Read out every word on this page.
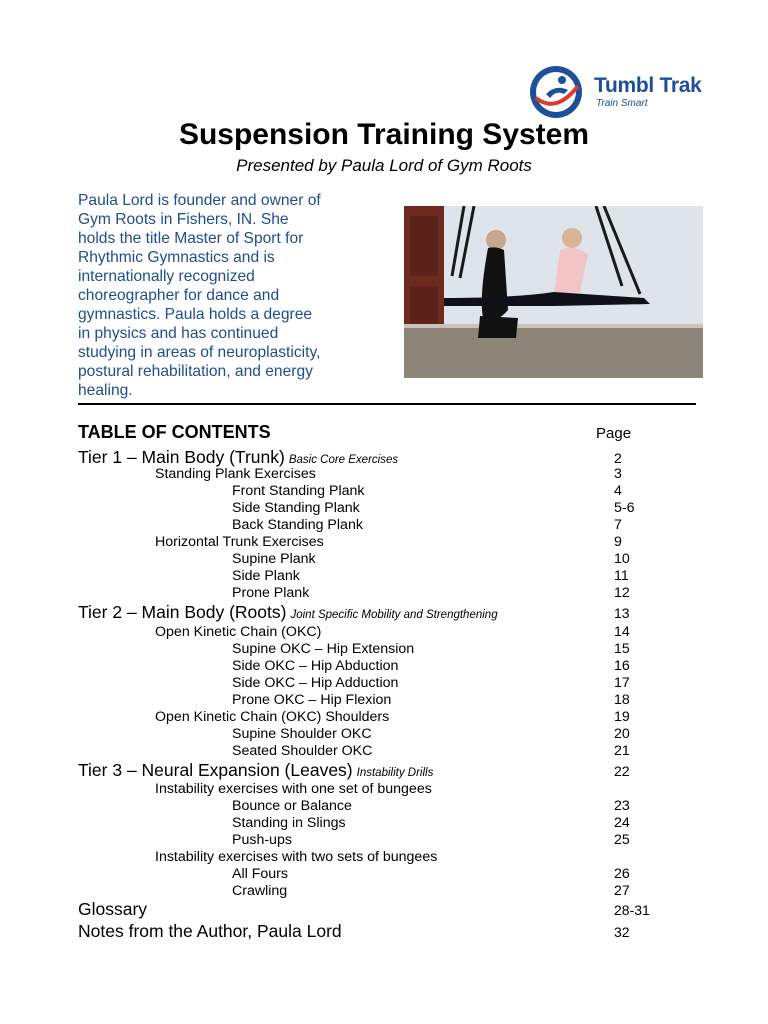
Tumbl Trak
Train Smart
Suspension Training System
Presented by Paula Lord of Gym Roots
Paula Lord is founder and owner of
Gym Roots in Fishers, IN. She
holds the title Master of Sport for
Rhythmic Gymnastics and is
internationally recognized
choreographer for dance and
gymnastics. Paula holds a degree
in physics and has continued
studying in areas of neuroplasticity,
postural rehabilitation, and energy
healing.
TABLE OF CONTENTS	Page
Tier 1 – Main Body (Trunk) Basic Core Exercises	2
Standing Plank Exercises	3
Front Standing Plank	4
Side Standing Plank	5-6
Back Standing Plank	7
Horizontal Trunk Exercises	9
Supine Plank	10
Side Plank	11
Prone Plank	12
Tier 2 – Main Body (Roots) Joint Specific Mobility and Strengthening	13
Open Kinetic Chain (OKC)	14
Supine OKC – Hip Extension	15
Side OKC – Hip Abduction	16
Side OKC – Hip Adduction	17
Prone OKC – Hip Flexion	18
Open Kinetic Chain (OKC) Shoulders	19
Supine Shoulder OKC	20
Seated Shoulder OKC	21
Tier 3 – Neural Expansion (Leaves) Instability Drills	22
Instability exercises with one set of bungees
Bounce or Balance	23
Standing in Slings	24
Push-ups	25
Instability exercises with two sets of bungees
All Fours	26
Crawling	27
Glossary	28-31
Notes from the Author, Paula Lord	32
